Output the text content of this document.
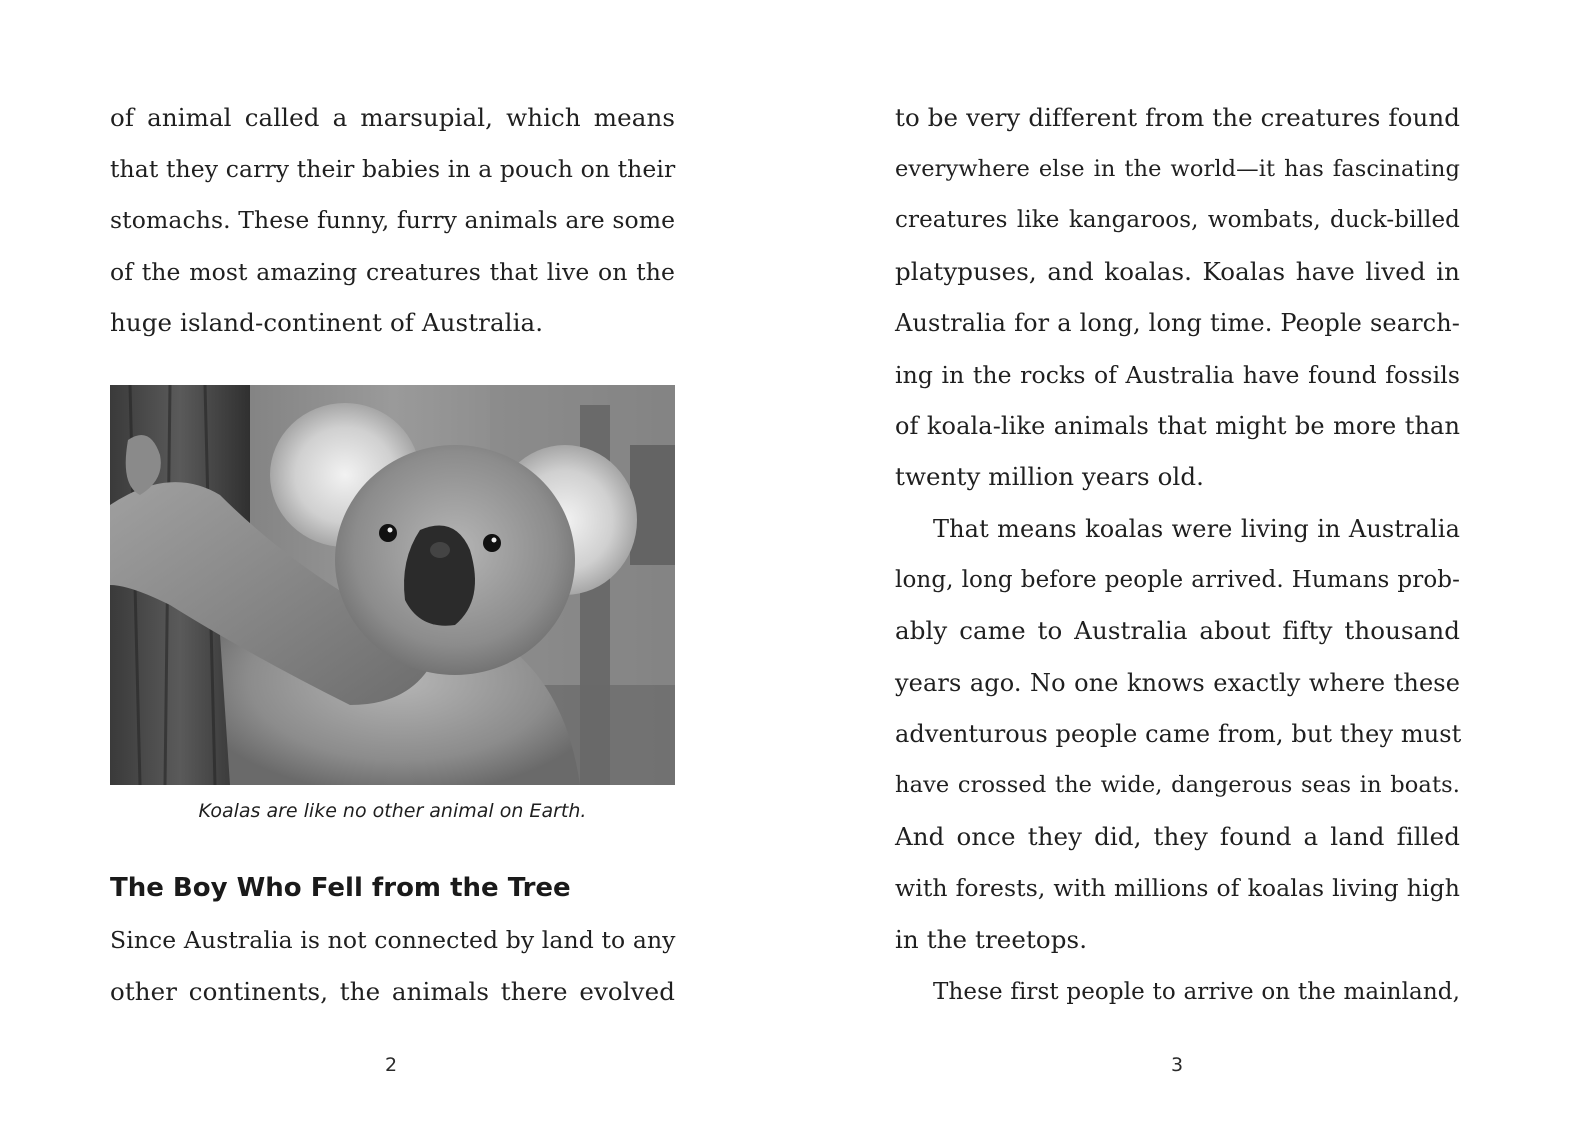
of animal called a marsupial, which means
that they carry their babies in a pouch on their
stomachs. These funny, furry animals are some
of the most amazing creatures that live on the
huge island-continent of Australia.
Koalas are like no other animal on Earth.
The Boy Who Fell from the Tree
Since Australia is not connected by land to any
other continents, the animals there evolved
2
to be very different from the creatures found
everywhere else in the world—it has fascinating
creatures like kangaroos, wombats, duck-billed
platypuses, and koalas. Koalas have lived in
Australia for a long, long time. People search-
ing in the rocks of Australia have found fossils
of koala-like animals that might be more than
twenty million years old.
That means koalas were living in Australia
long, long before people arrived. Humans prob-
ably came to Australia about fifty thousand
years ago. No one knows exactly where these
adventurous people came from, but they must
have crossed the wide, dangerous seas in boats.
And once they did, they found a land filled
with forests, with millions of koalas living high
in the treetops.
These first people to arrive on the mainland,
3
